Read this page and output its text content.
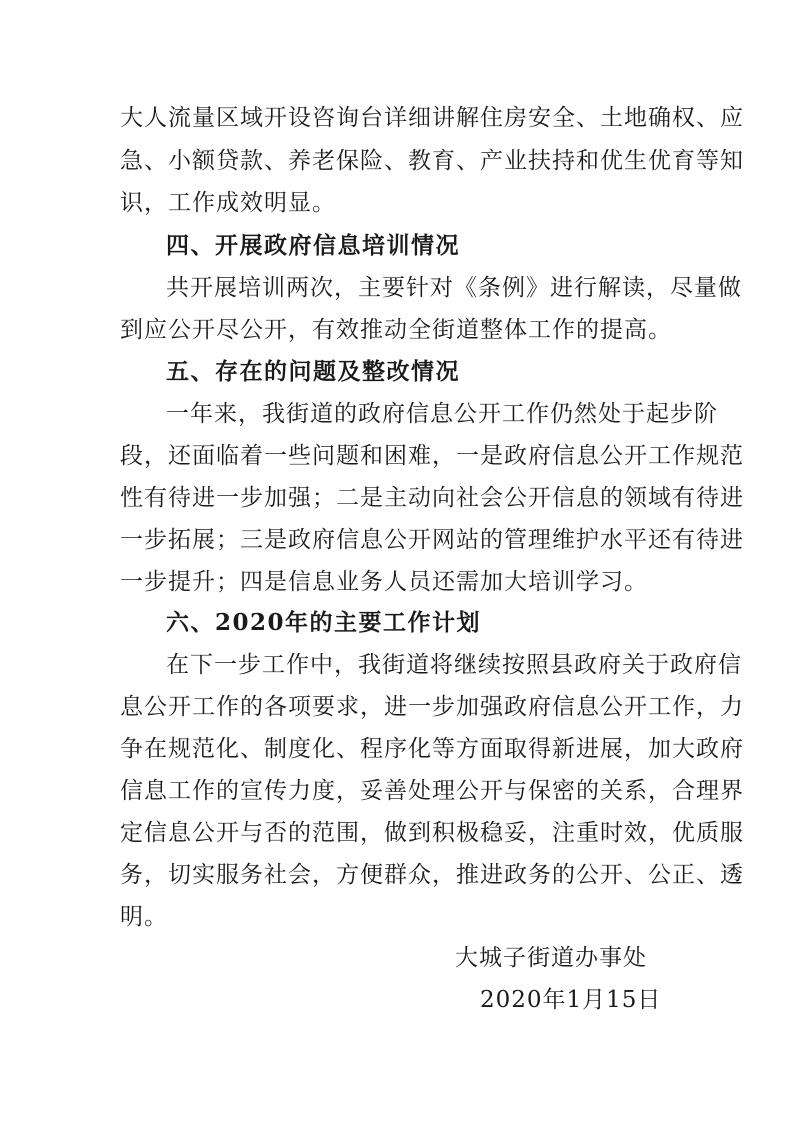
大人流量区域开设咨询台详细讲解住房安全、土地确权、应
急、小额贷款、养老保险、教育、产业扶持和优生优育等知
识，工作成效明显。
四、开展政府信息培训情况
共开展培训两次，主要针对《条例》进行解读，尽量做
到应公开尽公开，有效推动全街道整体工作的提高。
五、存在的问题及整改情况
一年来，我街道的政府信息公开工作仍然处于起步阶
段，还面临着一些问题和困难，一是政府信息公开工作规范
性有待进一步加强；二是主动向社会公开信息的领域有待进
一步拓展；三是政府信息公开网站的管理维护水平还有待进
一步提升；四是信息业务人员还需加大培训学习。
六、2020年的主要工作计划
在下一步工作中，我街道将继续按照县政府关于政府信
息公开工作的各项要求，进一步加强政府信息公开工作，力
争在规范化、制度化、程序化等方面取得新进展，加大政府
信息工作的宣传力度，妥善处理公开与保密的关系，合理界
定信息公开与否的范围，做到积极稳妥，注重时效，优质服
务，切实服务社会，方便群众，推进政务的公开、公正、透
明。
大城子街道办事处
2020年1月15日
